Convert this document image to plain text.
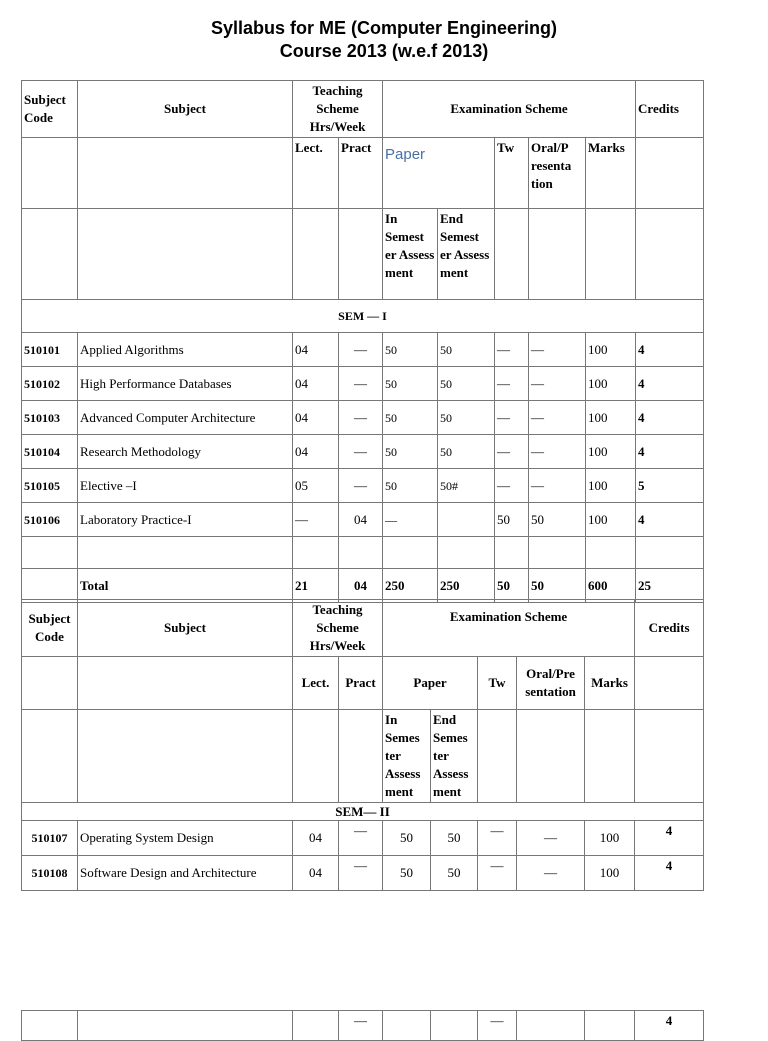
Syllabus for ME (Computer Engineering)
Course 2013 (w.e.f 2013)
Subject Code	Subject	Teaching Scheme Hrs/Week		Examination Scheme					Credits
		Lect.	Pract	Paper		Tw	Oral/P resenta tion	Marks	
				In Semest er Assess ment	End Semest er Assess ment				
SEM — I									
510101	Applied Algorithms	04	—	50	50	—	—	100	4
510102	High Performance Databases	04	—	50	50	—	—	100	4
510103	Advanced Computer Architecture	04	—	50	50	—	—	100	4
510104	Research Methodology	04	—	50	50	—	—	100	4
510105	Elective –I	05	—	50	50#	—	—	100	5
510106	Laboratory Practice-I	—	04	—		50	50	100	4

	Total	21	04	250	250	50	50	600	25
Subject Code	Subject	Teaching Scheme Hrs/Week		Examination Scheme					Credits
		Lect.	Pract	Paper		Tw	Oral/Pre sentation	Marks	
				In Semes ter Assess ment	End Semes ter Assess ment				
SEM— II									
510107	Operating System Design	04	—	50	50	—	—	100	4
510108	Software Design and Architecture	04	—	50	50	—	—	100	4
			—			—			4
